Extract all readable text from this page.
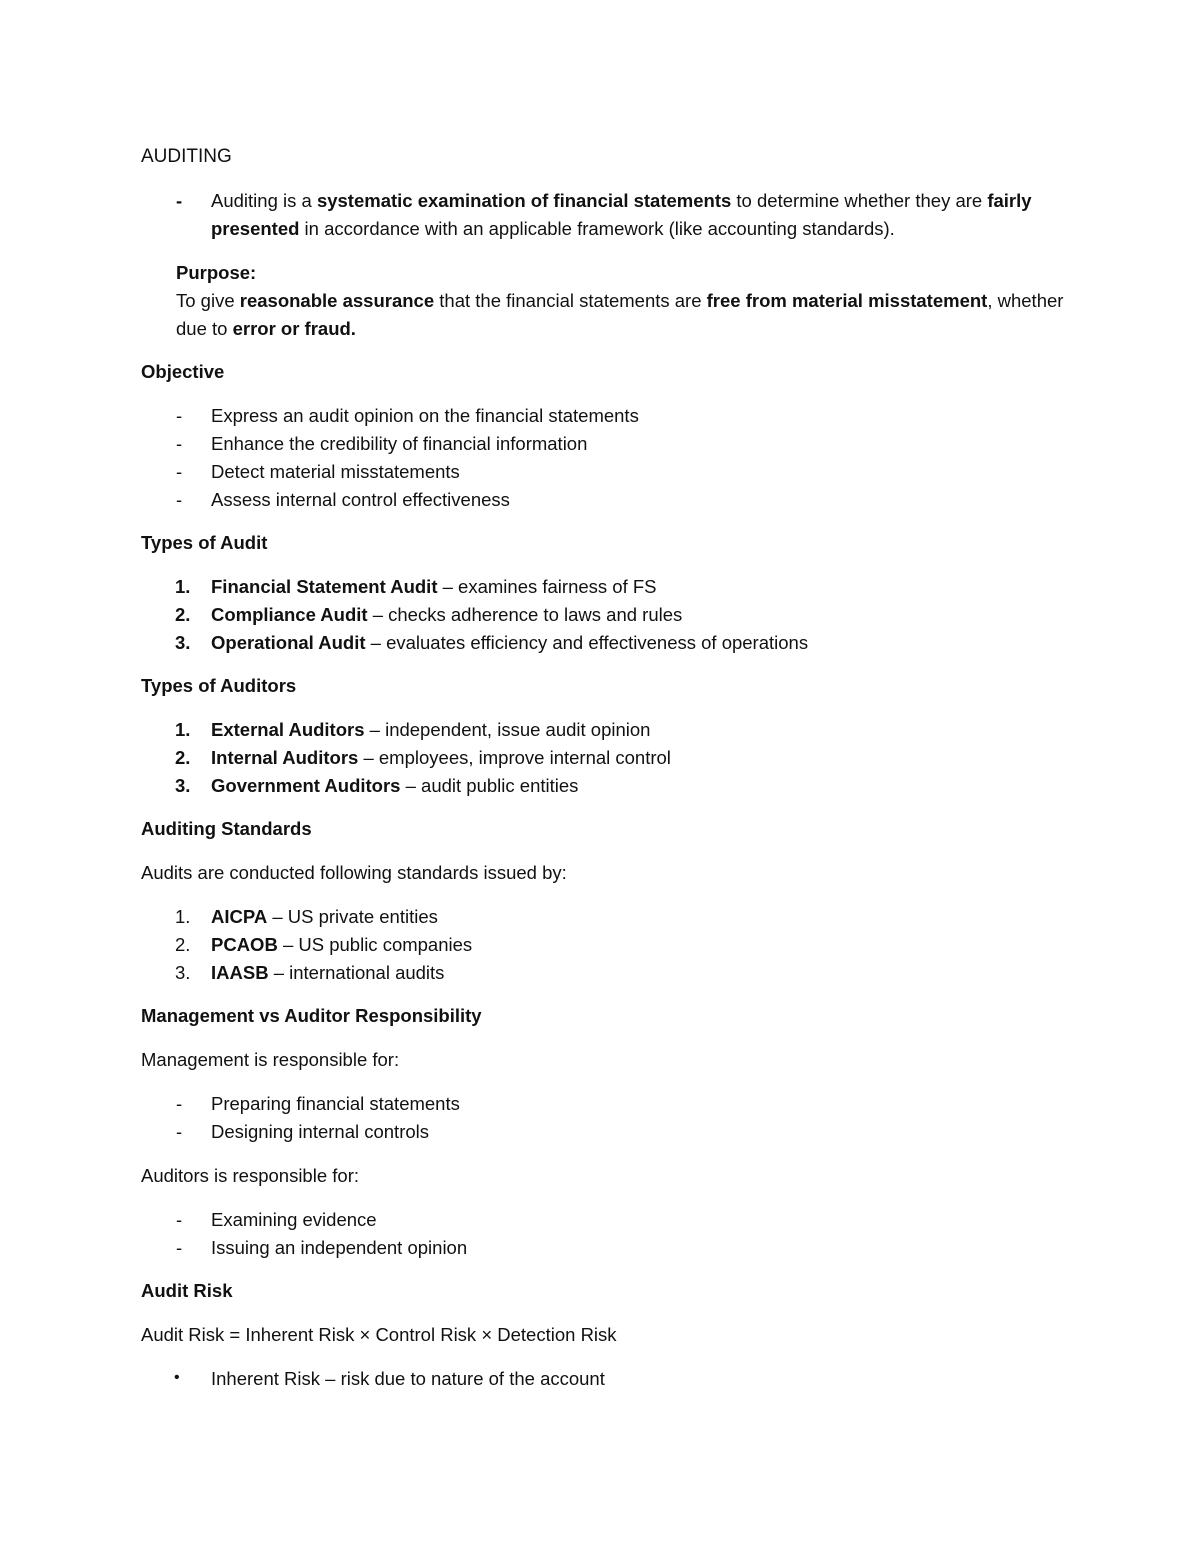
AUDITING
- Auditing is a systematic examination of financial statements to determine whether they are fairly presented in accordance with an applicable framework (like accounting standards).
Purpose:
To give reasonable assurance that the financial statements are free from material misstatement, whether due to error or fraud.
Objective
- Express an audit opinion on the financial statements
- Enhance the credibility of financial information
- Detect material misstatements
- Assess internal control effectiveness
Types of Audit
1. Financial Statement Audit – examines fairness of FS
2. Compliance Audit – checks adherence to laws and rules
3. Operational Audit – evaluates efficiency and effectiveness of operations
Types of Auditors
1. External Auditors – independent, issue audit opinion
2. Internal Auditors – employees, improve internal control
3. Government Auditors – audit public entities
Auditing Standards
Audits are conducted following standards issued by:
1. AICPA – US private entities
2. PCAOB – US public companies
3. IAASB – international audits
Management vs Auditor Responsibility
Management is responsible for:
- Preparing financial statements
- Designing internal controls
Auditors is responsible for:
- Examining evidence
- Issuing an independent opinion
Audit Risk
Audit Risk = Inherent Risk × Control Risk × Detection Risk
• Inherent Risk – risk due to nature of the account
